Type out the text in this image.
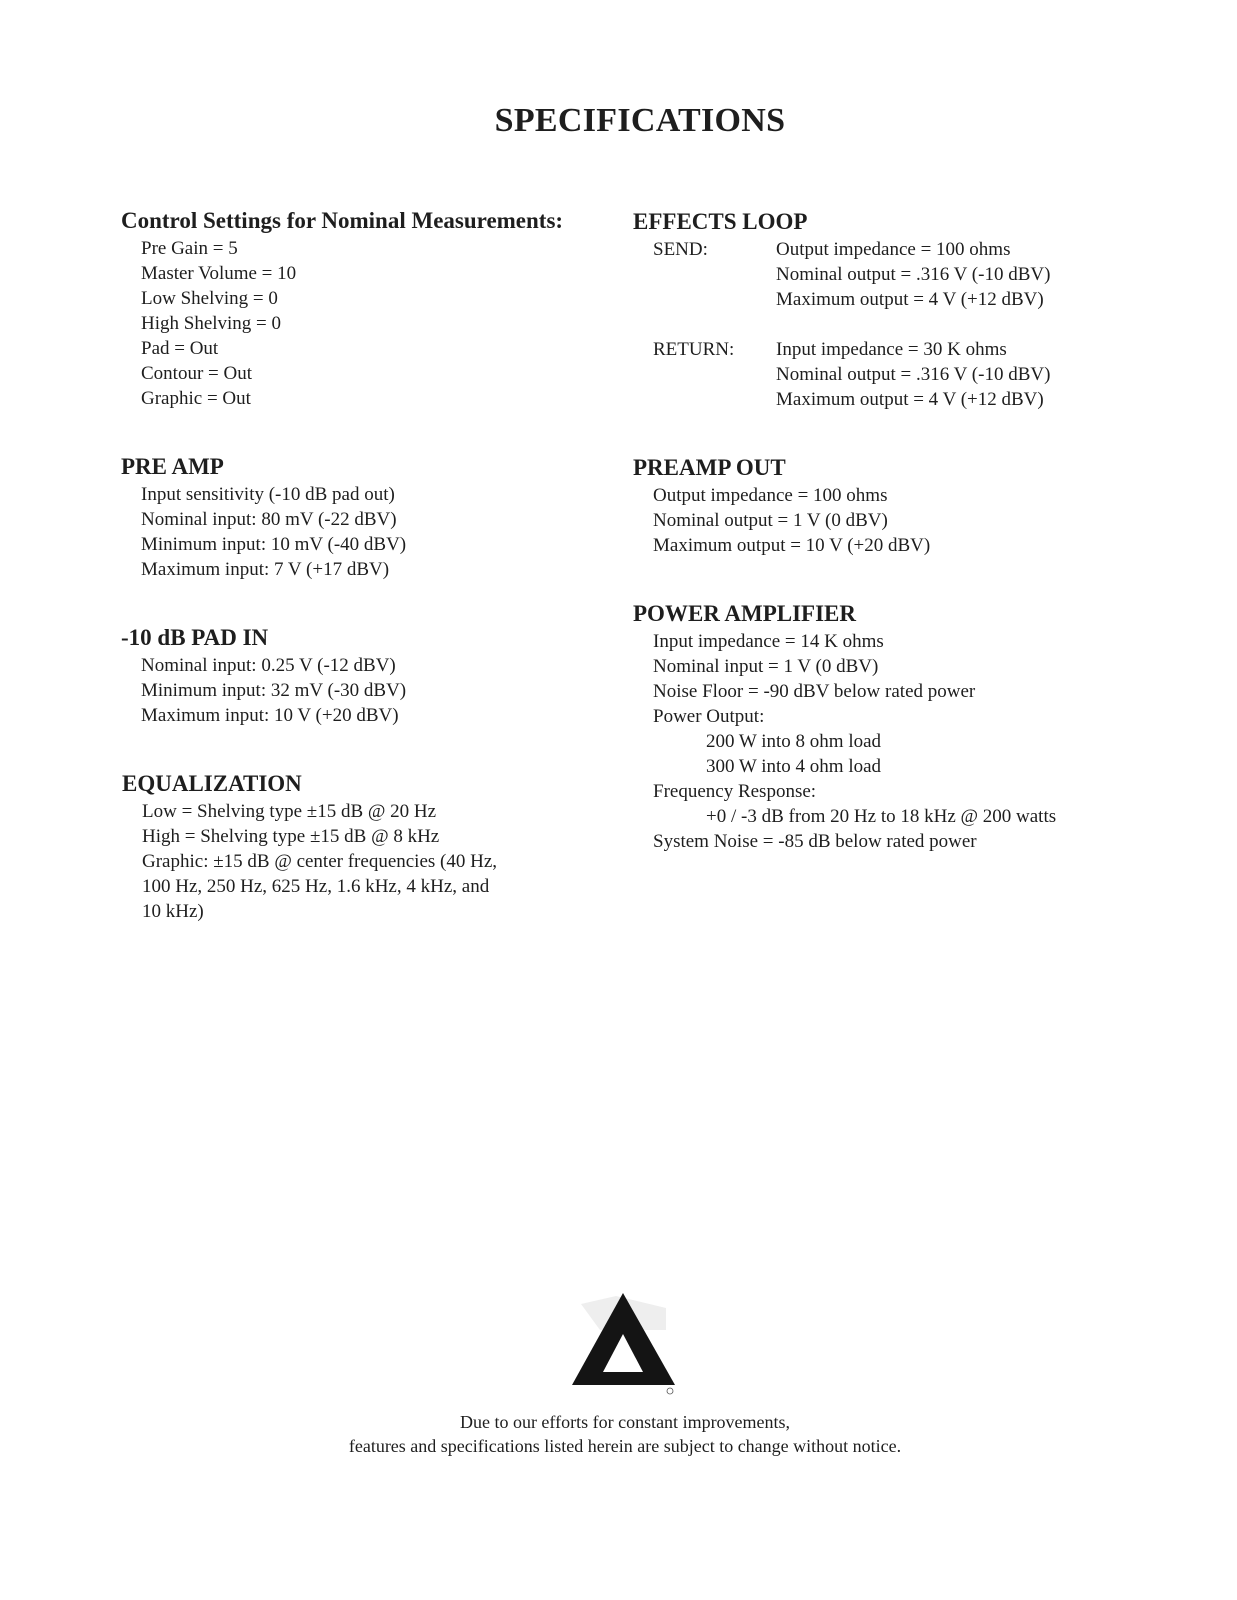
SPECIFICATIONS
Control Settings for Nominal Measurements:
Pre Gain = 5
Master Volume = 10
Low Shelving = 0
High Shelving = 0
Pad = Out
Contour = Out
Graphic = Out
PRE AMP
Input sensitivity (-10 dB pad out)
Nominal input: 80 mV (-22 dBV)
Minimum input: 10 mV (-40 dBV)
Maximum input: 7 V (+17 dBV)
-10 dB PAD IN
Nominal input: 0.25 V (-12 dBV)
Minimum input: 32 mV (-30 dBV)
Maximum input: 10 V (+20 dBV)
EQUALIZATION
Low = Shelving type ±15 dB @ 20 Hz
High = Shelving type ±15 dB @ 8 kHz
Graphic: ±15 dB @ center frequencies (40 Hz,
100 Hz, 250 Hz, 625 Hz, 1.6 kHz, 4 kHz, and
10 kHz)
EFFECTS LOOP
SEND:	Output impedance = 100 ohms
Nominal output = .316 V (-10 dBV)
Maximum output = 4 V (+12 dBV)
RETURN:	Input impedance = 30 K ohms
Nominal output = .316 V (-10 dBV)
Maximum output = 4 V (+12 dBV)
PREAMP OUT
Output impedance = 100 ohms
Nominal output = 1 V (0 dBV)
Maximum output = 10 V (+20 dBV)
POWER AMPLIFIER
Input impedance = 14 K ohms
Nominal input = 1 V (0 dBV)
Noise Floor = -90 dBV below rated power
Power Output:
200 W into 8 ohm load
300 W into 4 ohm load
Frequency Response:
+0 / -3 dB from 20 Hz to 18 kHz @ 200 watts
System Noise = -85 dB below rated power
Due to our efforts for constant improvements,
features and specifications listed herein are subject to change without notice.
